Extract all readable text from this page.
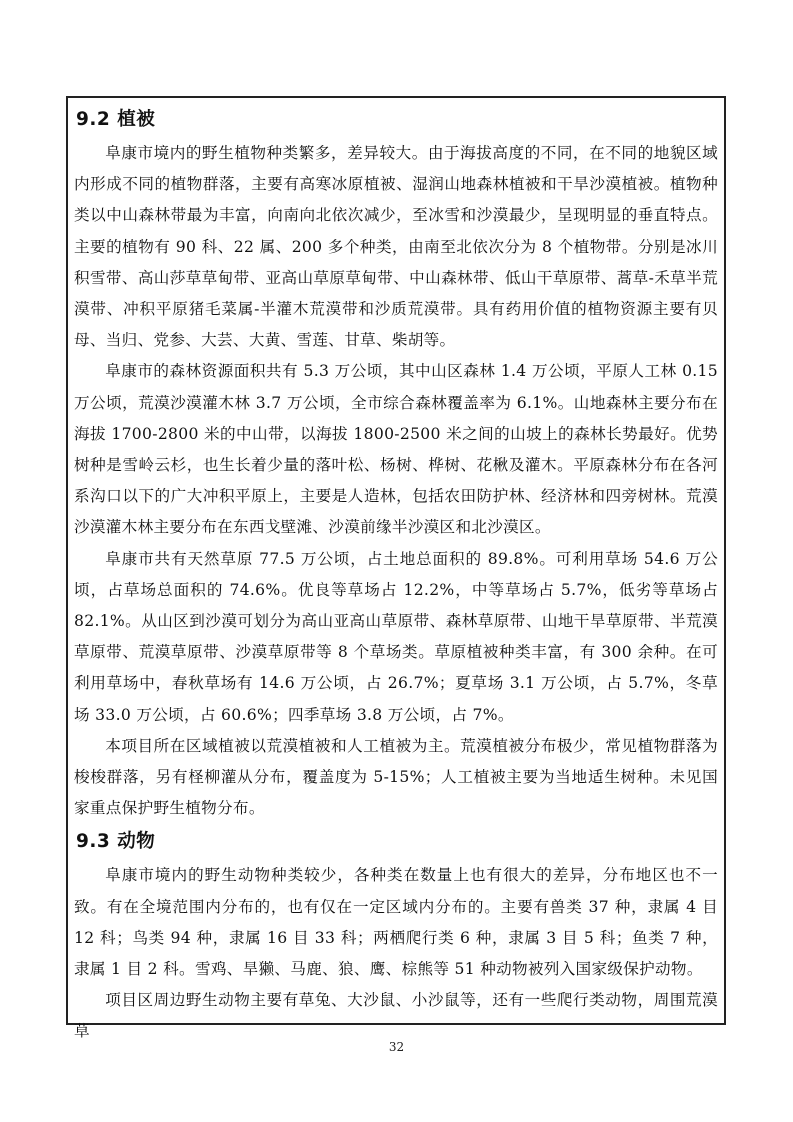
9.2 植被

阜康市境内的野生植物种类繁多，差异较大。由于海拔高度的不同，在不同的地貌区域内形成不同的植物群落，主要有高寒冰原植被、湿润山地森林植被和干旱沙漠植被。植物种类以中山森林带最为丰富，向南向北依次减少，至冰雪和沙漠最少，呈现明显的垂直特点。主要的植物有 90 科、22 属、200 多个种类，由南至北依次分为 8 个植物带。分别是冰川积雪带、高山莎草草甸带、亚高山草原草甸带、中山森林带、低山干草原带、蒿草-禾草半荒漠带、冲积平原猪毛菜属-半灌木荒漠带和沙质荒漠带。具有药用价值的植物资源主要有贝母、当归、党参、大芸、大黄、雪莲、甘草、柴胡等。

阜康市的森林资源面积共有 5.3 万公顷，其中山区森林 1.4 万公顷，平原人工林 0.15 万公顷，荒漠沙漠灌木林 3.7 万公顷，全市综合森林覆盖率为 6.1%。山地森林主要分布在海拔 1700-2800 米的中山带，以海拔 1800-2500 米之间的山坡上的森林长势最好。优势树种是雪岭云杉，也生长着少量的落叶松、杨树、桦树、花楸及灌木。平原森林分布在各河系沟口以下的广大冲积平原上，主要是人造林，包括农田防护林、经济林和四旁树林。荒漠沙漠灌木林主要分布在东西戈壁滩、沙漠前缘半沙漠区和北沙漠区。

阜康市共有天然草原 77.5 万公顷，占土地总面积的 89.8%。可利用草场 54.6 万公顷，占草场总面积的 74.6%。优良等草场占 12.2%，中等草场占 5.7%，低劣等草场占 82.1%。从山区到沙漠可划分为高山亚高山草原带、森林草原带、山地干旱草原带、半荒漠草原带、荒漠草原带、沙漠草原带等 8 个草场类。草原植被种类丰富，有 300 余种。在可利用草场中，春秋草场有 14.6 万公顷，占 26.7%；夏草场 3.1 万公顷，占 5.7%，冬草场 33.0 万公顷，占 60.6%；四季草场 3.8 万公顷，占 7%。

本项目所在区域植被以荒漠植被和人工植被为主。荒漠植被分布极少，常见植物群落为梭梭群落，另有柽柳灌从分布，覆盖度为 5-15%；人工植被主要为当地适生树种。未见国家重点保护野生植物分布。

9.3 动物

阜康市境内的野生动物种类较少，各种类在数量上也有很大的差异，分布地区也不一致。有在全境范围内分布的，也有仅在一定区域内分布的。主要有兽类 37 种，隶属 4 目 12 科；鸟类 94 种，隶属 16 目 33 科；两栖爬行类 6 种，隶属 3 目 5 科；鱼类 7 种，隶属 1 目 2 科。雪鸡、旱獭、马鹿、狼、鹰、棕熊等 51 种动物被列入国家级保护动物。

项目区周边野生动物主要有草兔、大沙鼠、小沙鼠等，还有一些爬行类动物，周围荒漠草

32
